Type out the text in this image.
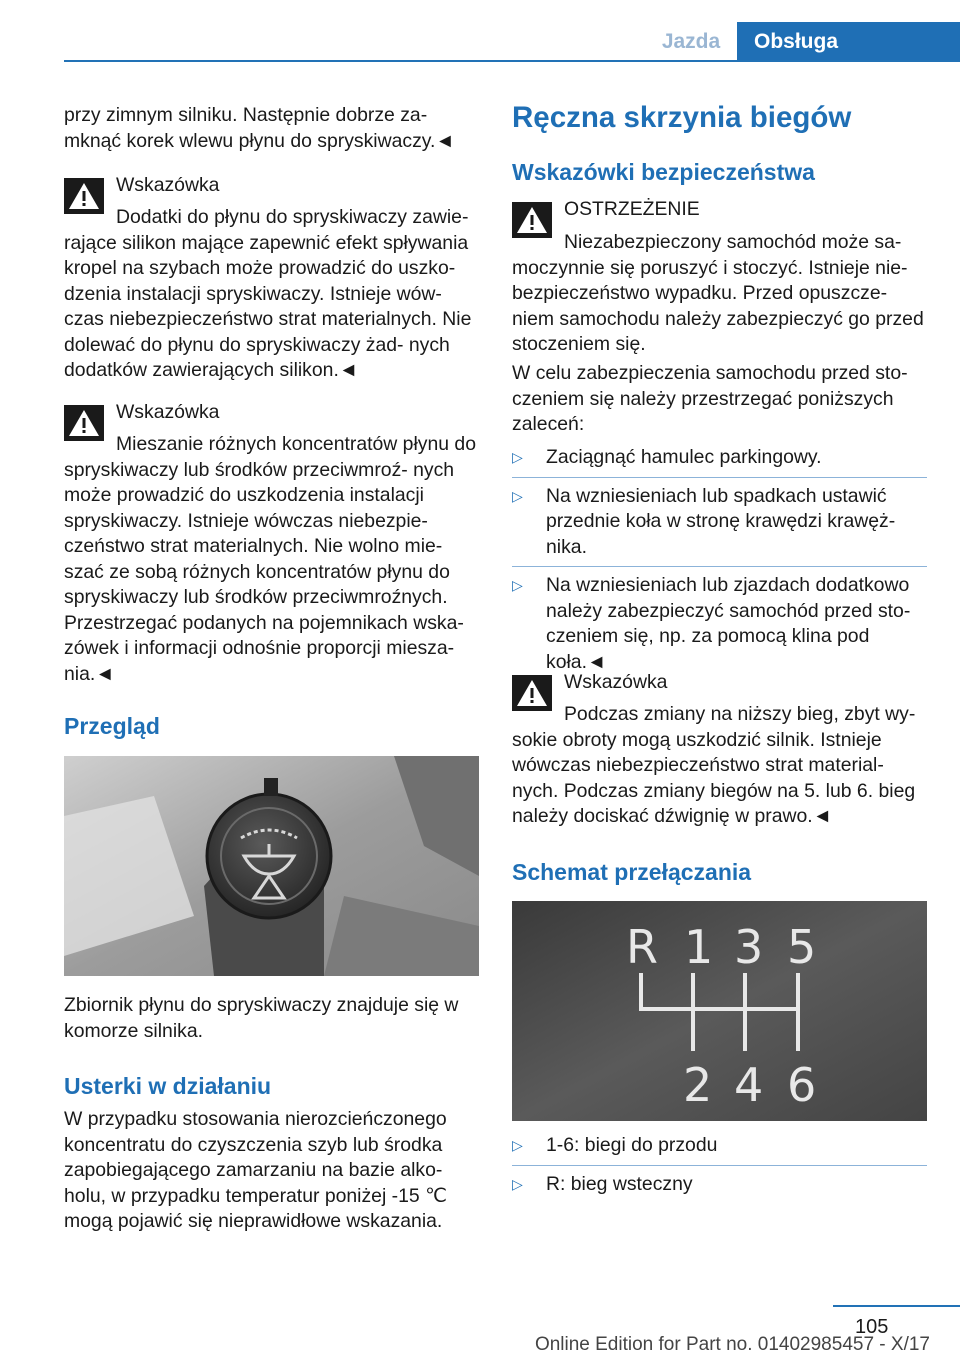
Jazda	Obsługa

przy zimnym silniku. Następnie dobrze za‐ mknąć korek wlewu płynu do spryskiwaczy.◄

Wskazówka
Dodatki do płynu do spryskiwaczy zawie‐ rające silikon mające zapewnić efekt spływania kropel na szybach może prowadzić do uszko‐ dzenia instalacji spryskiwaczy. Istnieje wów‐ czas niebezpieczeństwo strat materialnych. Nie dolewać do płynu do spryskiwaczy żad‐ nych dodatków zawierających silikon.◄
Wskazówka
Mieszanie różnych koncentratów płynu do spryskiwaczy lub środków przeciwmroź‐ nych może prowadzić do uszkodzenia instalacji spryskiwaczy. Istnieje wówczas niebezpie‐ czeństwo strat materialnych. Nie wolno mie‐ szać ze sobą różnych koncentratów płynu do spryskiwaczy lub środków przeciwmroźnych. Przestrzegać podanych na pojemnikach wska‐ zówek i informacji odnośnie proporcji miesza‐ nia.◄
Przegląd
Zbiornik płynu do spryskiwaczy znajduje się w komorze silnika.
Usterki w działaniu
W przypadku stosowania nierozcieńczonego koncentratu do czyszczenia szyb lub środka zapobiegającego zamarzaniu na bazie alko‐ holu, w przypadku temperatur poniżej -15 ℃ mogą pojawić się nieprawidłowe wskazania.
Ręczna skrzynia biegów
Wskazówki bezpieczeństwa
OSTRZEŻENIE
Niezabezpieczony samochód może sa‐ moczynnie się poruszyć i stoczyć. Istnieje nie‐ bezpieczeństwo wypadku. Przed opuszcze‐ niem samochodu należy zabezpieczyć go przed stoczeniem się.
W celu zabezpieczenia samochodu przed sto‐ czeniem się należy przestrzegać poniższych zaleceń:
▷ Zaciągnąć hamulec parkingowy.
▷ Na wzniesieniach lub spadkach ustawić przednie koła w stronę krawędzi krawęż‐ nika.
▷ Na wzniesieniach lub zjazdach dodatkowo należy zabezpieczyć samochód przed sto‐ czeniem się, np. za pomocą klina pod koła.◄
Wskazówka
Podczas zmiany na niższy bieg, zbyt wy‐ sokie obroty mogą uszkodzić silnik. Istnieje wówczas niebezpieczeństwo strat material‐ nych. Podczas zmiany biegów na 5. lub 6. bieg należy dociskać dźwignię w prawo.◄
Schemat przełączania
R 1 3 5
2 4 6
▷ 1-6: biegi do przodu
▷ R: bieg wsteczny
105
Online Edition for Part no. 01402985457 - X/17
